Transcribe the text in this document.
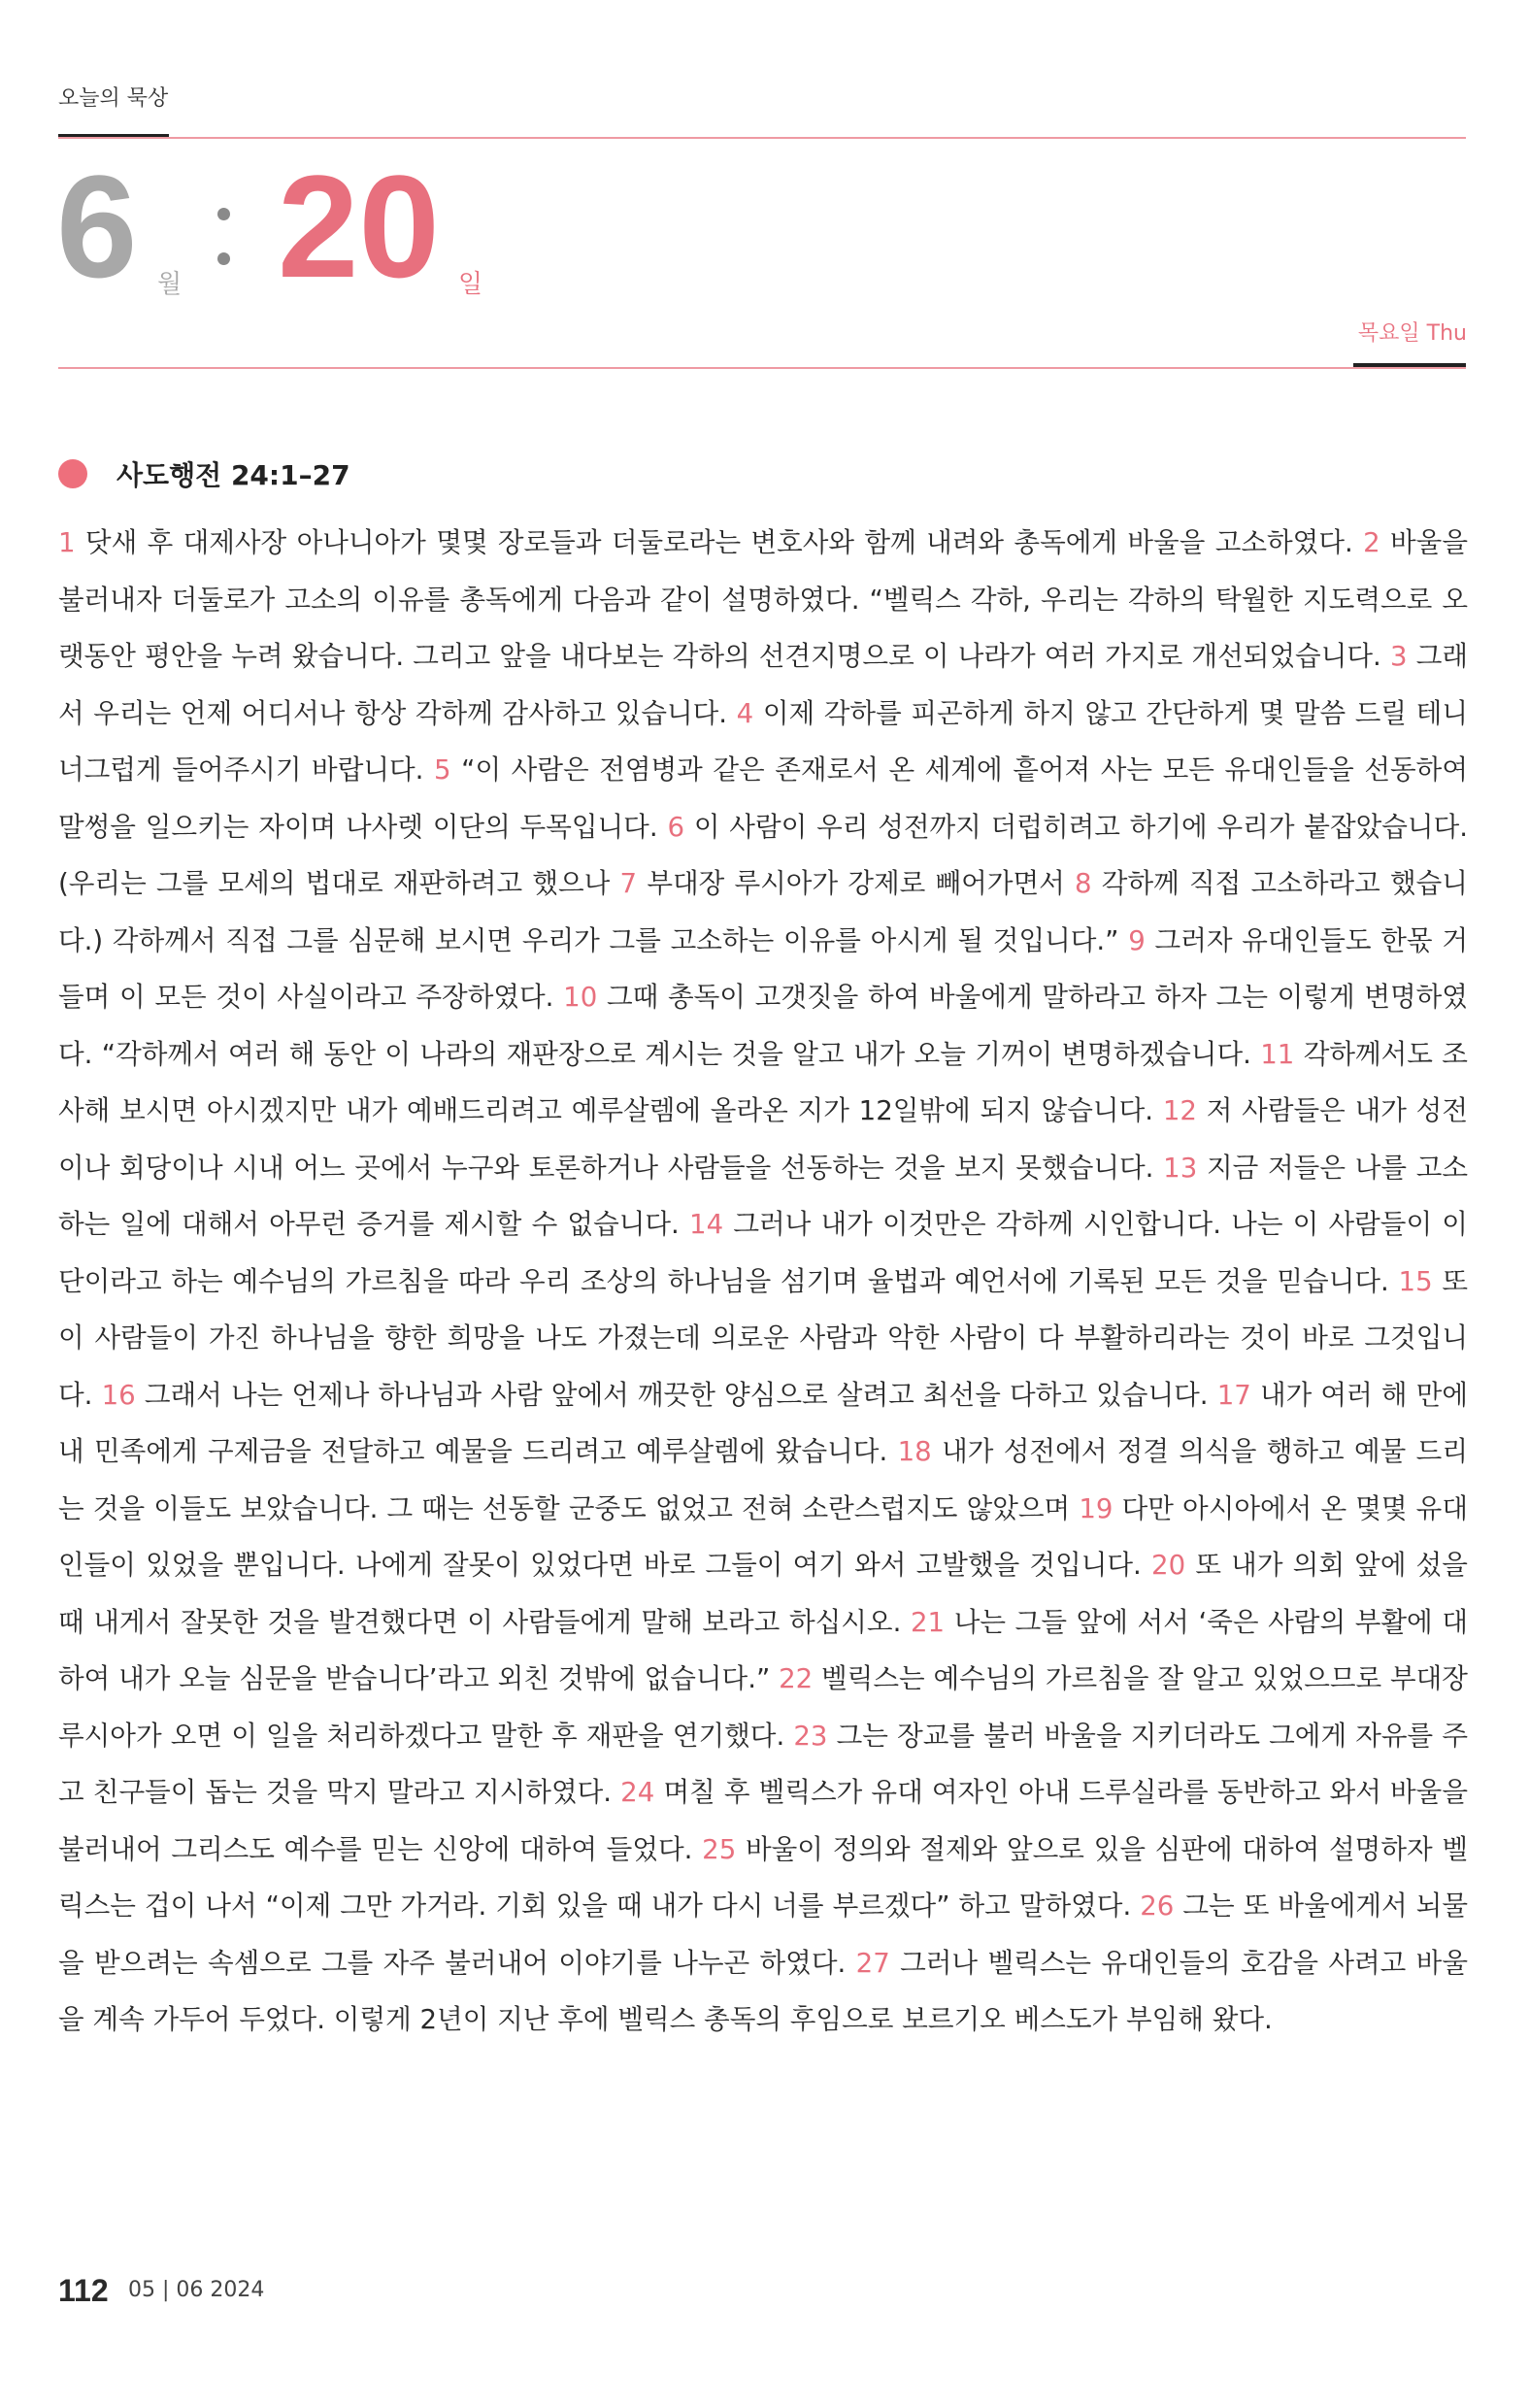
오늘의 묵상
6 월 20 일
목요일 Thu
사도행전 24:1–27

1 닷새 후 대제사장 아나니아가 몇몇 장로들과 더둘로라는 변호사와 함께 내려와 총독에게 바울을 고소하였다. 2 바울을 불러내자 더둘로가 고소의 이유를 총독에게 다음과 같이 설명하였다. “벨릭스 각하, 우리는 각하의 탁월한 지도력으로 오랫동안 평안을 누려 왔습니다. 그리고 앞을 내다보는 각하의 선견지명으로 이 나라가 여러 가지로 개선되었습니다. 3 그래서 우리는 언제 어디서나 항상 각하께 감사하고 있습니다. 4 이제 각하를 피곤하게 하지 않고 간단하게 몇 말씀 드릴 테니 너그럽게 들어주시기 바랍니다. 5 “이 사람은 전염병과 같은 존재로서 온 세계에 흩어져 사는 모든 유대인들을 선동하여 말썽을 일으키는 자이며 나사렛 이단의 두목입니다. 6 이 사람이 우리 성전까지 더럽히려고 하기에 우리가 붙잡았습니다. (우리는 그를 모세의 법대로 재판하려고 했으나 7 부대장 루시아가 강제로 빼어가면서 8 각하께 직접 고소하라고 했습니다.) 각하께서 직접 그를 심문해 보시면 우리가 그를 고소하는 이유를 아시게 될 것입니다.” 9 그러자 유대인들도 한몫 거들며 이 모든 것이 사실이라고 주장하였다. 10 그때 총독이 고갯짓을 하여 바울에게 말하라고 하자 그는 이렇게 변명하였다. “각하께서 여러 해 동안 이 나라의 재판장으로 계시는 것을 알고 내가 오늘 기꺼이 변명하겠습니다. 11 각하께서도 조사해 보시면 아시겠지만 내가 예배드리려고 예루살렘에 올라온 지가 12일밖에 되지 않습니다. 12 저 사람들은 내가 성전이나 회당이나 시내 어느 곳에서 누구와 토론하거나 사람들을 선동하는 것을 보지 못했습니다. 13 지금 저들은 나를 고소하는 일에 대해서 아무런 증거를 제시할 수 없습니다. 14 그러나 내가 이것만은 각하께 시인합니다. 나는 이 사람들이 이단이라고 하는 예수님의 가르침을 따라 우리 조상의 하나님을 섬기며 율법과 예언서에 기록된 모든 것을 믿습니다. 15 또 이 사람들이 가진 하나님을 향한 희망을 나도 가졌는데 의로운 사람과 악한 사람이 다 부활하리라는 것이 바로 그것입니다. 16 그래서 나는 언제나 하나님과 사람 앞에서 깨끗한 양심으로 살려고 최선을 다하고 있습니다. 17 내가 여러 해 만에 내 민족에게 구제금을 전달하고 예물을 드리려고 예루살렘에 왔습니다. 18 내가 성전에서 정결 의식을 행하고 예물 드리는 것을 이들도 보았습니다. 그 때는 선동할 군중도 없었고 전혀 소란스럽지도 않았으며 19 다만 아시아에서 온 몇몇 유대인들이 있었을 뿐입니다. 나에게 잘못이 있었다면 바로 그들이 여기 와서 고발했을 것입니다. 20 또 내가 의회 앞에 섰을 때 내게서 잘못한 것을 발견했다면 이 사람들에게 말해 보라고 하십시오. 21 나는 그들 앞에 서서 ‘죽은 사람의 부활에 대하여 내가 오늘 심문을 받습니다’라고 외친 것밖에 없습니다.” 22 벨릭스는 예수님의 가르침을 잘 알고 있었으므로 부대장 루시아가 오면 이 일을 처리하겠다고 말한 후 재판을 연기했다. 23 그는 장교를 불러 바울을 지키더라도 그에게 자유를 주고 친구들이 돕는 것을 막지 말라고 지시하였다. 24 며칠 후 벨릭스가 유대 여자인 아내 드루실라를 동반하고 와서 바울을 불러내어 그리스도 예수를 믿는 신앙에 대하여 들었다. 25 바울이 정의와 절제와 앞으로 있을 심판에 대하여 설명하자 벨릭스는 겁이 나서 “이제 그만 가거라. 기회 있을 때 내가 다시 너를 부르겠다” 하고 말하였다. 26 그는 또 바울에게서 뇌물을 받으려는 속셈으로 그를 자주 불러내어 이야기를 나누곤 하였다. 27 그러나 벨릭스는 유대인들의 호감을 사려고 바울을 계속 가두어 두었다. 이렇게 2년이 지난 후에 벨릭스 총독의 후임으로 보르기오 베스도가 부임해 왔다.

112 05 | 06 2024
